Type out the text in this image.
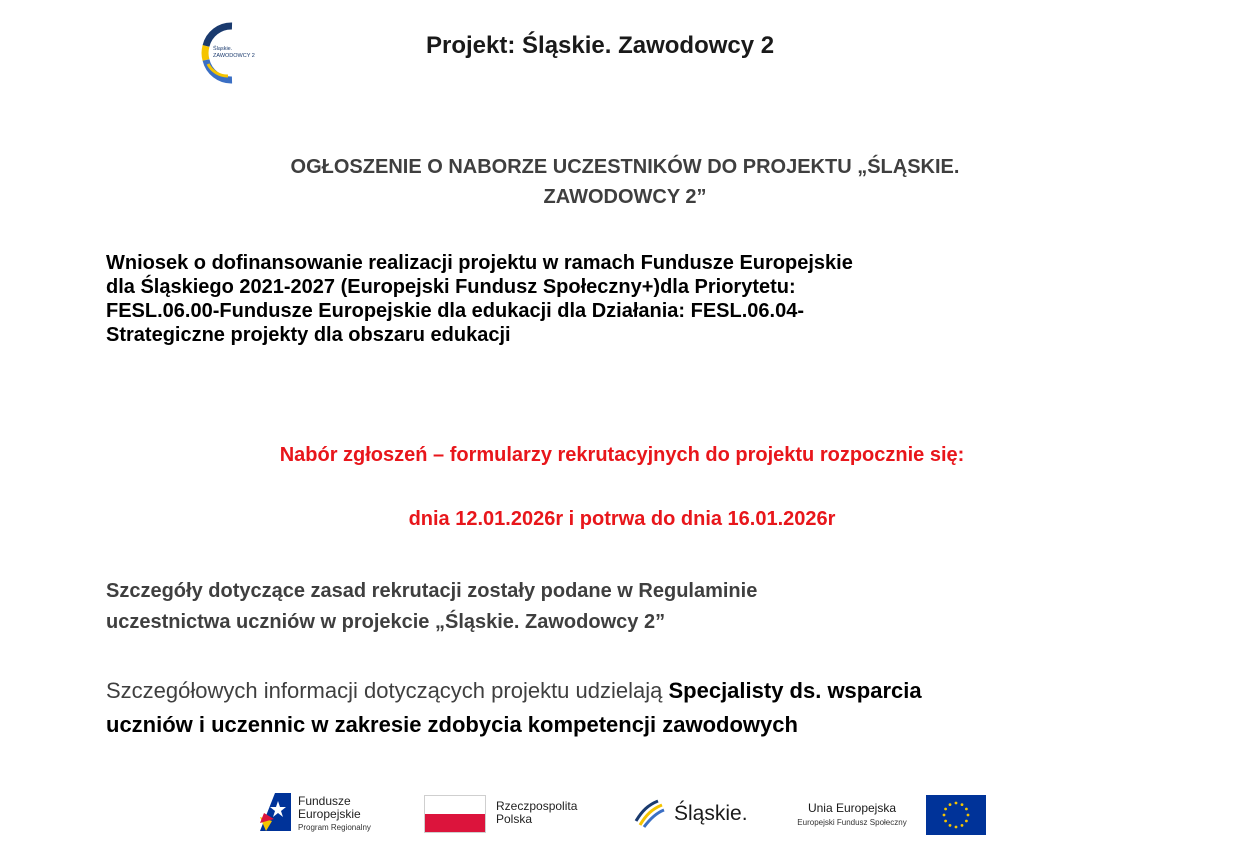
Śląskie.
ZAWODOWCY 2	Projekt: Śląskie. Zawodowcy 2
OGŁOSZENIE O NABORZE UCZESTNIKÓW DO PROJEKTU „ŚLĄSKIE.
ZAWODOWCY 2”
Wniosek o dofinansowanie realizacji projektu w ramach Fundusze Europejskie
dla Śląskiego 2021-2027 (Europejski Fundusz Społeczny+)dla Priorytetu:
FESL.06.00-Fundusze Europejskie dla edukacji dla Działania: FESL.06.04-
Strategiczne projekty dla obszaru edukacji
Nabór zgłoszeń – formularzy rekrutacyjnych do projektu rozpocznie się:
dnia 12.01.2026r i potrwa do dnia 16.01.2026r
Szczegóły dotyczące zasad rekrutacji zostały podane w Regulaminie
uczestnictwa uczniów w projekcie „Śląskie. Zawodowcy 2”
Szczegółowych informacji dotyczących projektu udzielają Specjalisty ds. wsparcia
uczniów i uczennic w zakresie zdobycia kompetencji zawodowych
Fundusze
Europejskie
Program Regionalny
Rzeczpospolita
Polska	Śląskie.	Unia Europejska
Europejski Fundusz Społeczny
